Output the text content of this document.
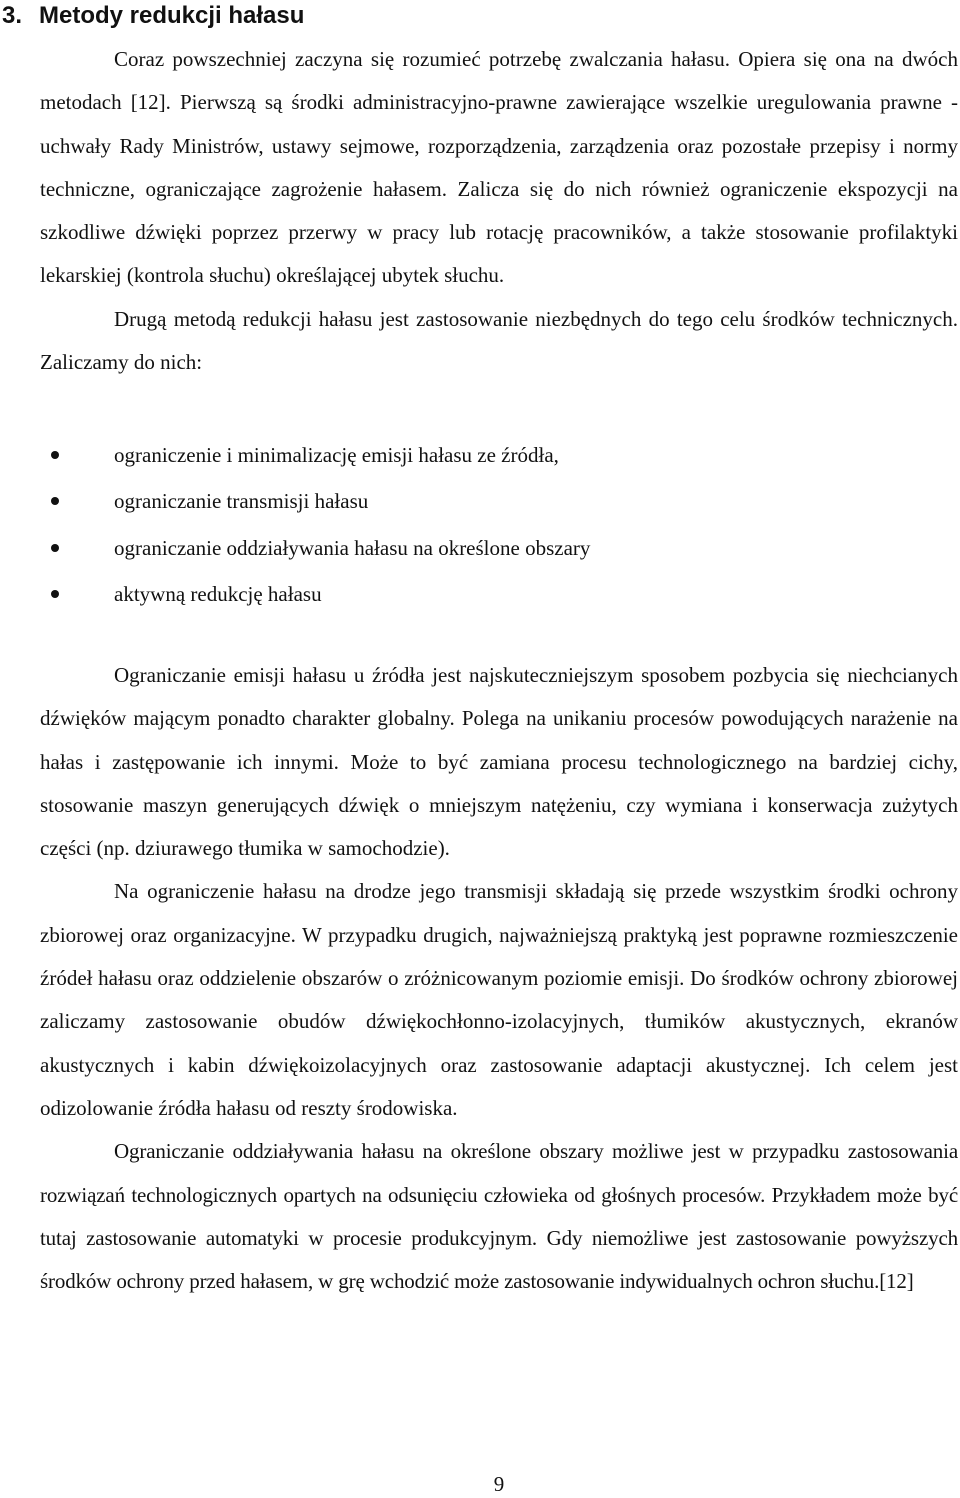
3. Metody redukcji hałasu

Coraz powszechniej zaczyna się rozumieć potrzebę zwalczania hałasu. Opiera się ona na dwóch metodach [12]. Pierwszą są środki administracyjno-prawne zawierające wszelkie uregulowania prawne - uchwały Rady Ministrów, ustawy sejmowe, rozporządzenia, zarządzenia oraz pozostałe przepisy i normy techniczne, ograniczające zagrożenie hałasem. Zalicza się do nich również ograniczenie ekspozycji na szkodliwe dźwięki poprzez przerwy w pracy lub rotację pracowników, a także stosowanie profilaktyki lekarskiej (kontrola słuchu) określającej ubytek słuchu.

Drugą metodą redukcji hałasu jest zastosowanie niezbędnych do tego celu środków technicznych. Zaliczamy do nich:

ograniczenie i minimalizację emisji hałasu ze źródła,
ograniczanie transmisji hałasu
ograniczanie oddziaływania hałasu na określone obszary
aktywną redukcję hałasu

Ograniczanie emisji hałasu u źródła jest najskuteczniejszym sposobem pozbycia się niechcianych dźwięków mającym ponadto charakter globalny. Polega na unikaniu procesów powodujących narażenie na hałas i zastępowanie ich innymi. Może to być zamiana procesu technologicznego na bardziej cichy, stosowanie maszyn generujących dźwięk o mniejszym natężeniu, czy wymiana i konserwacja zużytych części (np. dziurawego tłumika w samochodzie).

Na ograniczenie hałasu na drodze jego transmisji składają się przede wszystkim środki ochrony zbiorowej oraz organizacyjne. W przypadku drugich, najważniejszą praktyką jest poprawne rozmieszczenie źródeł hałasu oraz oddzielenie obszarów o zróżnicowanym poziomie emisji. Do środków ochrony zbiorowej zaliczamy zastosowanie obudów dźwiękochłonno-izolacyjnych, tłumików akustycznych, ekranów akustycznych i kabin dźwiękoizolacyjnych oraz zastosowanie adaptacji akustycznej. Ich celem jest odizolowanie źródła hałasu od reszty środowiska.

Ograniczanie oddziaływania hałasu na określone obszary możliwe jest w przypadku zastosowania rozwiązań technologicznych opartych na odsunięciu człowieka od głośnych procesów. Przykładem może być tutaj zastosowanie automatyki w procesie produkcyjnym. Gdy niemożliwe jest zastosowanie powyższych środków ochrony przed hałasem, w grę wchodzić może zastosowanie indywidualnych ochron słuchu.[12]

9
